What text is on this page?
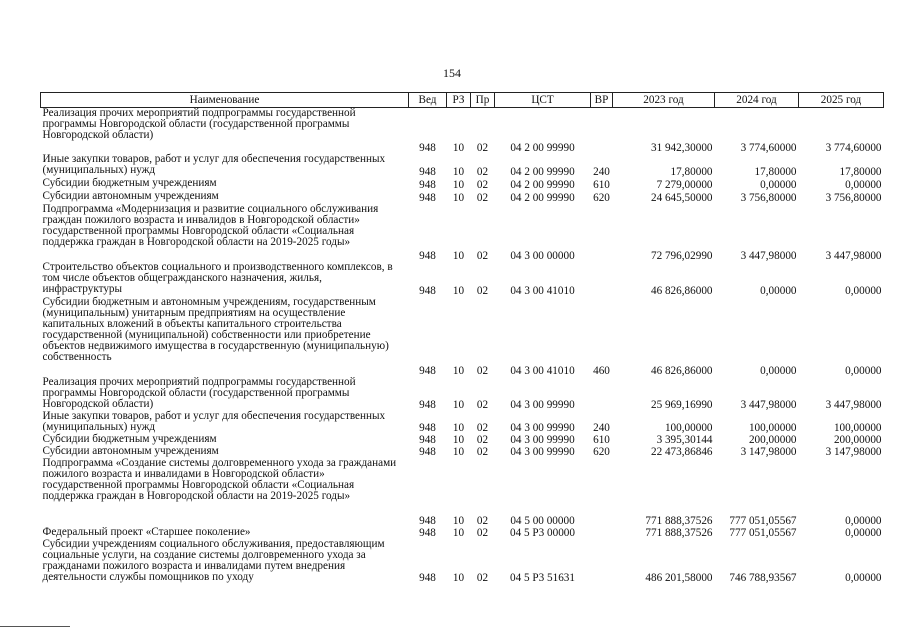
154
Наименование	Вед	РЗ	Пр	ЦСТ	ВР	2023 год	2024 год	2025 год
Реализация прочих мероприятий подпрограммы государственной программы Новгородской области (государственной программы Новгородской области)	948	10	02	04 2 00 99990		31 942,30000	3 774,60000	3 774,60000
Иные закупки товаров, работ и услуг для обеспечения государственных (муниципальных) нужд	948	10	02	04 2 00 99990	240	17,80000	17,80000	17,80000
Субсидии бюджетным учреждениям	948	10	02	04 2 00 99990	610	7 279,00000	0,00000	0,00000
Субсидии автономным учреждениям	948	10	02	04 2 00 99990	620	24 645,50000	3 756,80000	3 756,80000
Подпрограмма «Модернизация и развитие социального обслуживания граждан пожилого возраста и инвалидов в Новгородской области» государственной программы Новгородской области «Социальная поддержка граждан в Новгородской области на 2019-2025 годы»	948	10	02	04 3 00 00000		72 796,02990	3 447,98000	3 447,98000
Строительство объектов социального и производственного комплексов, в том числе объектов общегражданского назначения, жилья, инфраструктуры	948	10	02	04 3 00 41010		46 826,86000	0,00000	0,00000
Субсидии бюджетным и автономным учреждениям, государственным (муниципальным) унитарным предприятиям на осуществление капитальных вложений в объекты капитального строительства государственной (муниципальной) собственности или приобретение объектов недвижимого имущества в государственную (муниципальную) собственность	948	10	02	04 3 00 41010	460	46 826,86000	0,00000	0,00000
Реализация прочих мероприятий подпрограммы государственной программы Новгородской области (государственной программы Новгородской области)	948	10	02	04 3 00 99990		25 969,16990	3 447,98000	3 447,98000
Иные закупки товаров, работ и услуг для обеспечения государственных (муниципальных) нужд	948	10	02	04 3 00 99990	240	100,00000	100,00000	100,00000
Субсидии бюджетным учреждениям	948	10	02	04 3 00 99990	610	3 395,30144	200,00000	200,00000
Субсидии автономным учреждениям	948	10	02	04 3 00 99990	620	22 473,86846	3 147,98000	3 147,98000
Подпрограмма «Создание системы долговременного ухода за гражданами пожилого возраста и инвалидами в Новгородской области» государственной программы Новгородской области «Социальная поддержка граждан в Новгородской области на 2019-2025 годы»	948	10	02	04 5 00 00000		771 888,37526	777 051,05567	0,00000
Федеральный проект «Старшее поколение»	948	10	02	04 5 P3 00000		771 888,37526	777 051,05567	0,00000
Субсидии учреждениям социального обслуживания, предоставляющим социальные услуги, на создание системы долговременного ухода за гражданами пожилого возраста и инвалидами путем внедрения деятельности службы помощников по уходу	948	10	02	04 5 P3 51631		486 201,58000	746 788,93567	0,00000
